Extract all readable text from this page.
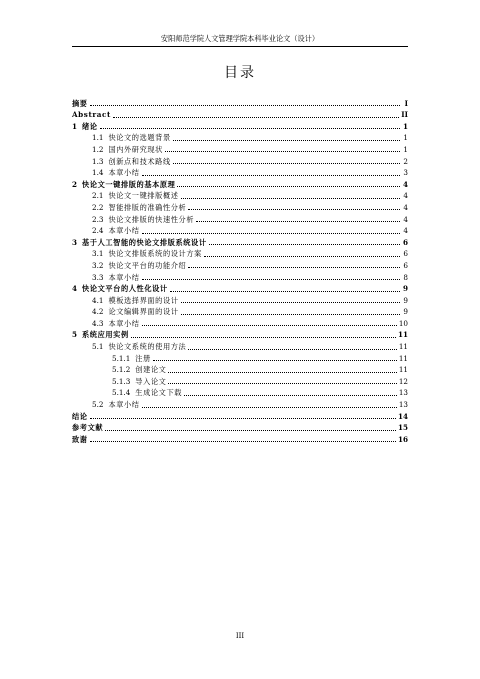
安阳师范学院人文管理学院本科毕业论文（设计）
目录
摘要	I
Abstract	II
1 绪论	1
1.1 快论文的选题背景	1
1.2 国内外研究现状	1
1.3 创新点和技术路线	2
1.4 本章小结	3
2 快论文一键排版的基本原理	4
2.1 快论文一键排版概述	4
2.2 智能排版的准确性分析	4
2.3 快论文排版的快速性分析	4
2.4 本章小结	4
3 基于人工智能的快论文排版系统设计	6
3.1 快论文排版系统的设计方案	6
3.2 快论文平台的功能介绍	6
3.3 本章小结	8
4 快论文平台的人性化设计	9
4.1 模板选择界面的设计	9
4.2 论文编辑界面的设计	9
4.3 本章小结	10
5 系统应用实例	11
5.1 快论文系统的使用方法	11
5.1.1 注册	11
5.1.2 创建论文	11
5.1.3 导入论文	12
5.1.4 生成论文下载	13
5.2 本章小结	13
结论	14
参考文献	15
致谢	16
III
